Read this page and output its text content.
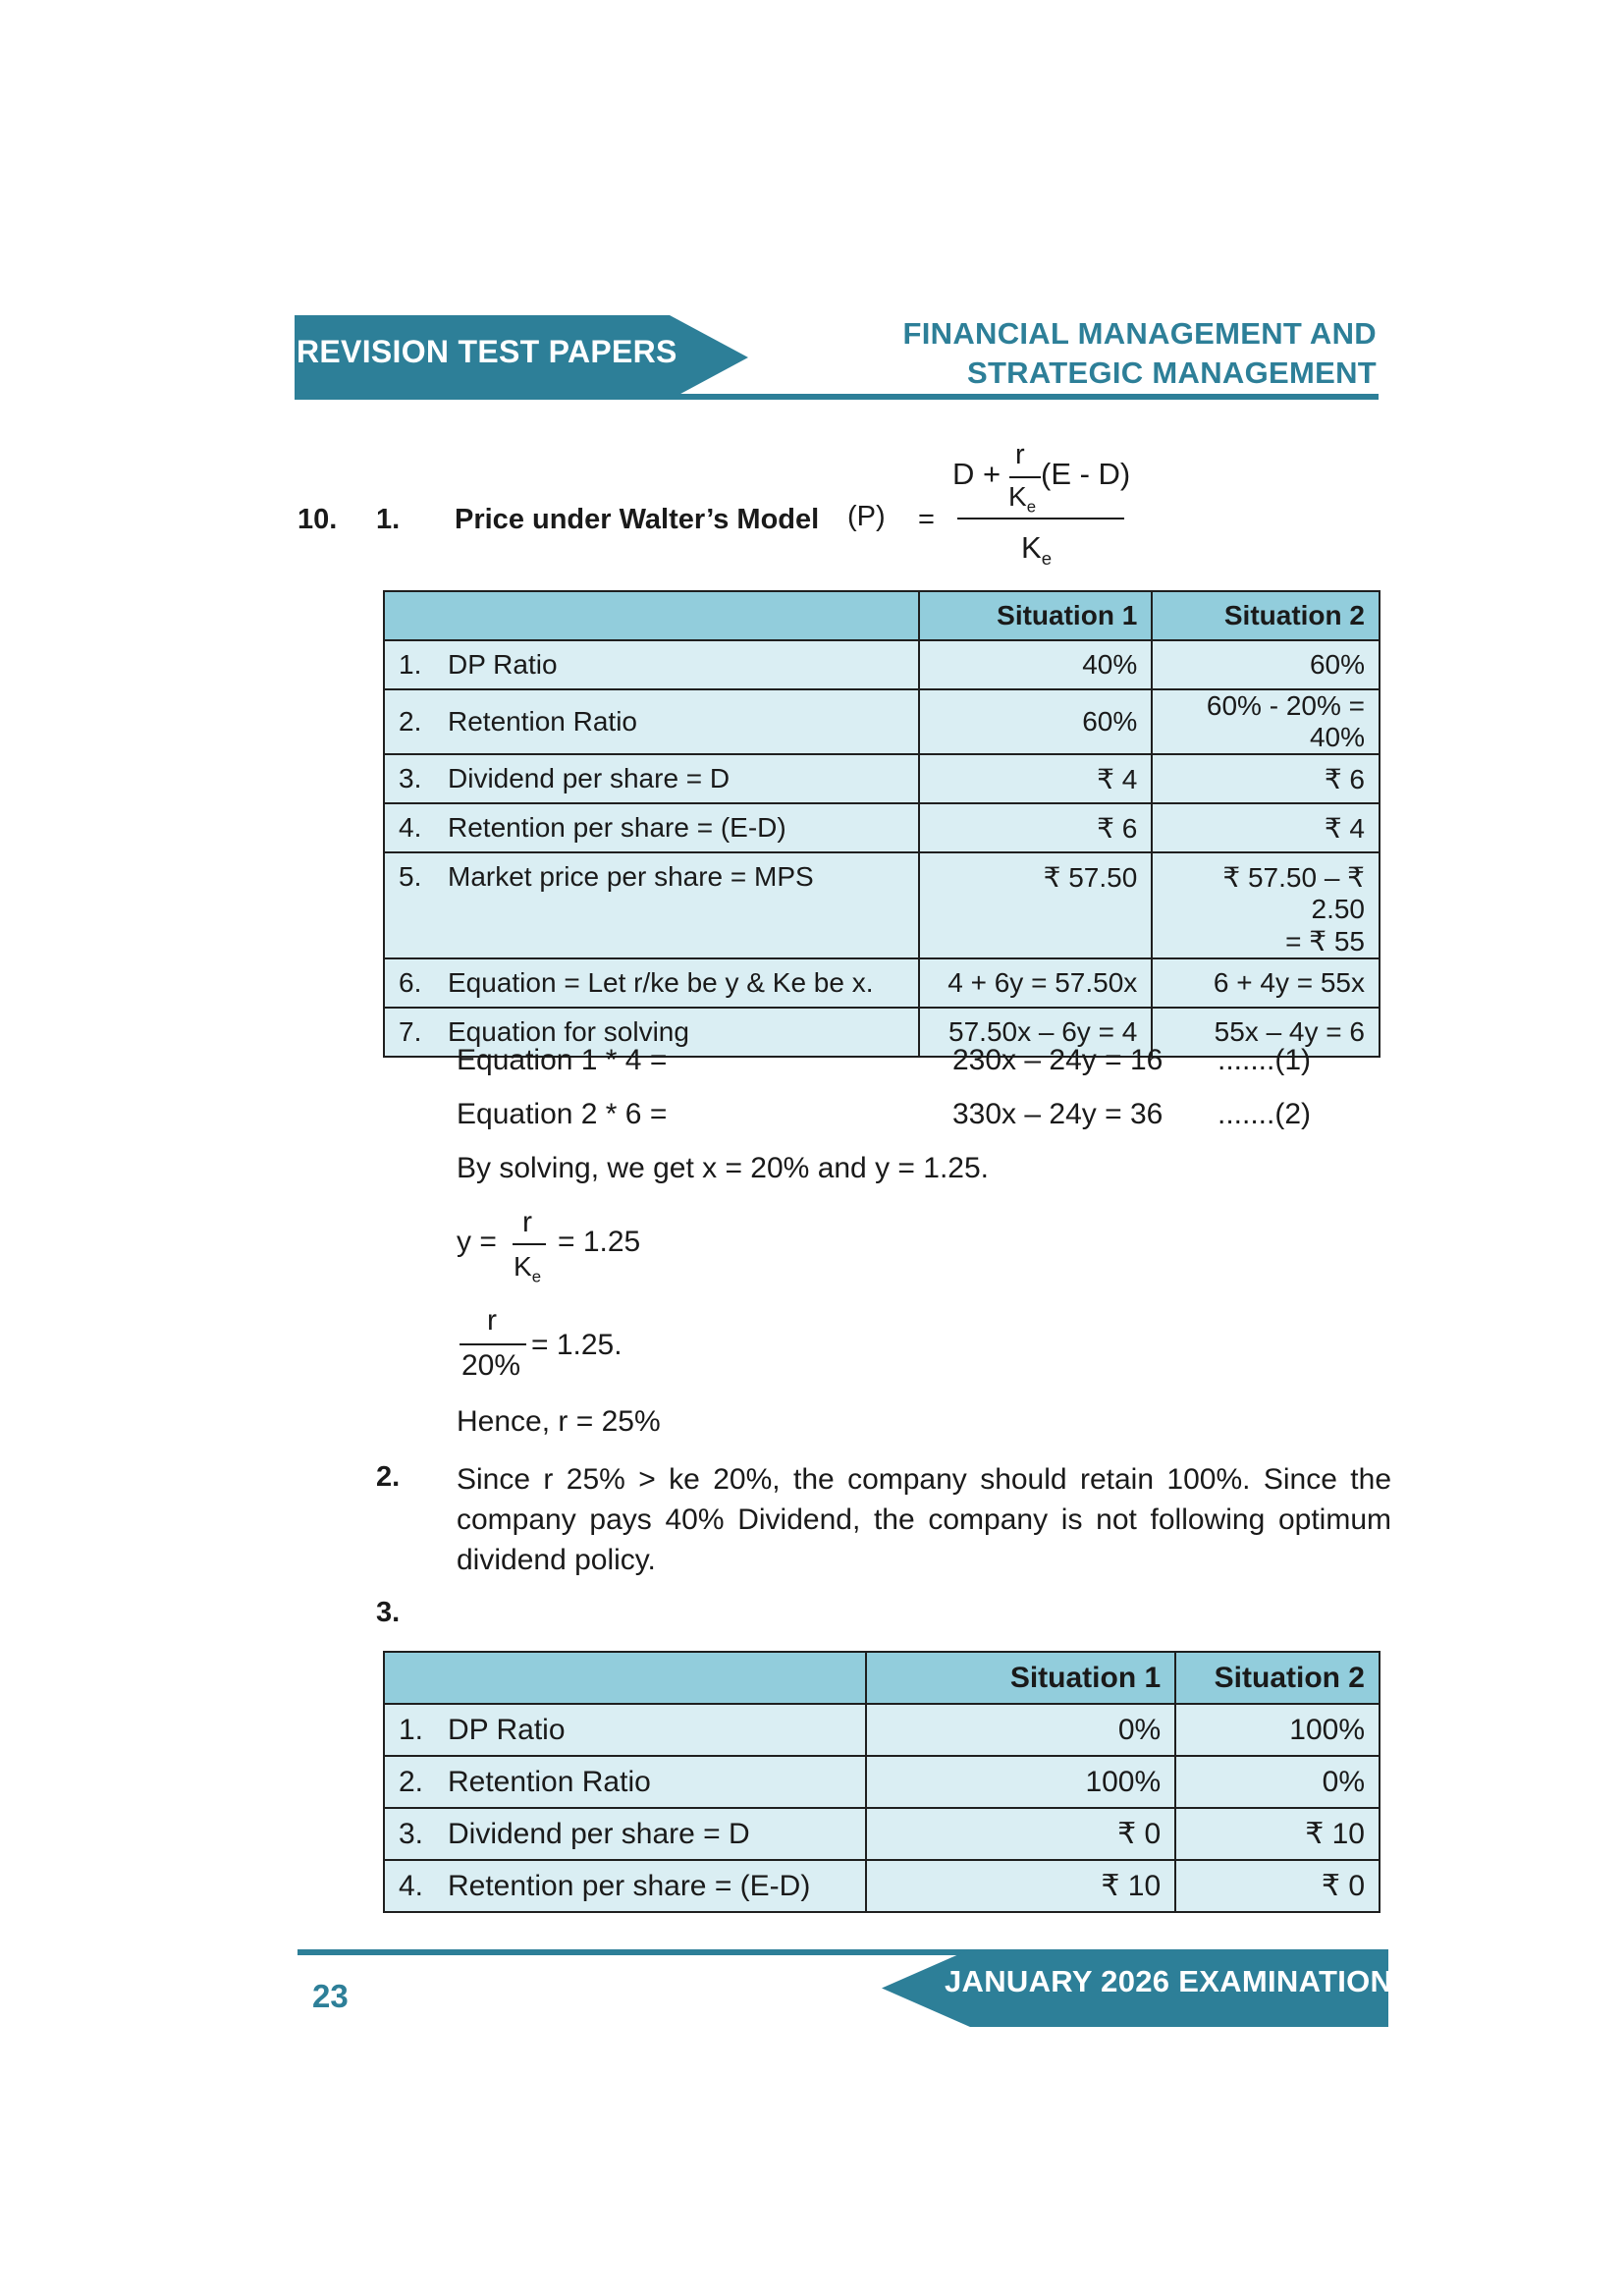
REVISION TEST PAPERS
FINANCIAL MANAGEMENT AND
STRATEGIC MANAGEMENT
10. 1. Price under Walter’s Model (P) =
D +
r
$K_e$
(E - D)
$K_e$
	Situation 1	Situation 2
1. DP Ratio	40%	60%
2. Retention Ratio	60%	60% - 20% = 40%
3. Dividend per share = D	₹ 4	₹ 6
4. Retention per share = (E-D)	₹ 6	₹ 4
5. Market price per share = MPS	₹ 57.50	₹ 57.50 – ₹ 2.50
= ₹ 55

6. Equation = Let r/ke be y & Ke be x.	4 + 6y = 57.50x	6 + 4y = 55x
7. Equation for solving	57.50x – 6y = 4	55x – 4y = 6
Equation 1 * 4 =	230x – 24y = 16 .......(1)
Equation 2 * 6 =	330x – 24y = 36 .......(2)
By solving, we get x = 20% and y = 1.25.
y =
r
$K_e$
= 1.25
r
20%
= 1.25.
Hence, r = 25%
2. Since r 25% > ke 20%, the company should retain 100%. Since the company pays 40% Dividend, the company is not following optimum dividend policy.
3.
	Situation 1	Situation 2
1. DP Ratio	0%	100%
2. Retention Ratio	100%	0%
3. Dividend per share = D	₹ 0	₹ 10
4. Retention per share = (E-D)	₹ 10	₹ 0
JANUARY 2026 EXAMINATION
23
